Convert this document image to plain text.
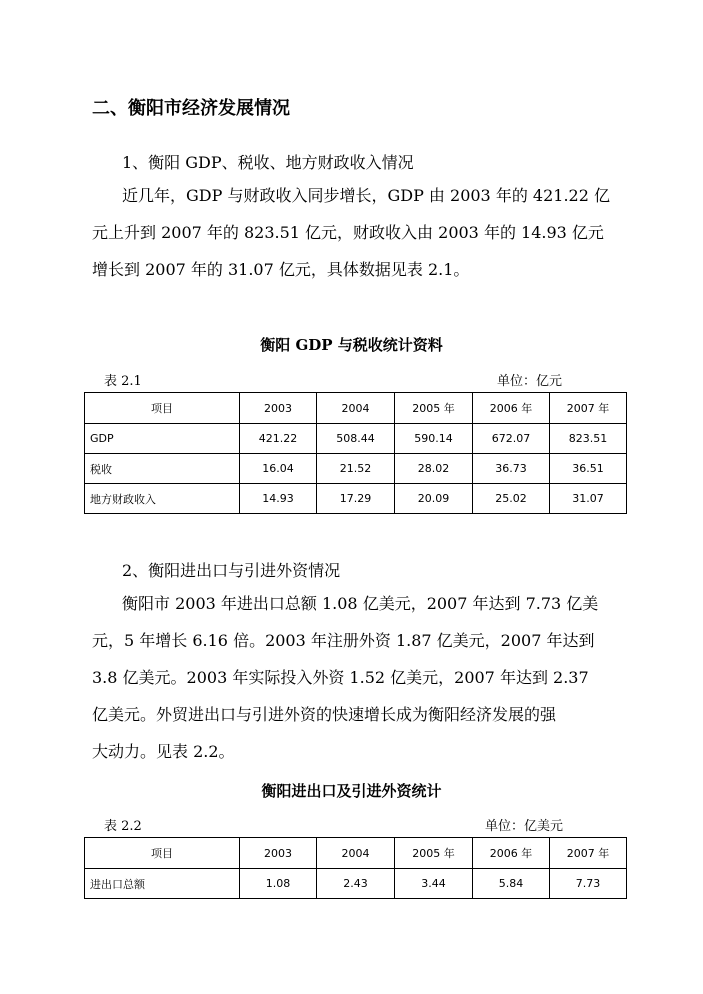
二、衡阳市经济发展情况
1、衡阳 GDP、税收、地方财政收入情况
近几年，GDP 与财政收入同步增长，GDP 由 2003 年的 421.22 亿
元上升到 2007 年的 823.51 亿元，财政收入由 2003 年的 14.93 亿元
增长到 2007 年的 31.07 亿元，具体数据见表 2.1。
衡阳 GDP 与税收统计资料
表 2.1	单位：亿元
项目	2003	2004	2005 年	2006 年	2007 年
GDP	421.22	508.44	590.14	672.07	823.51
税收	16.04	21.52	28.02	36.73	36.51
地方财政收入	14.93	17.29	20.09	25.02	31.07
2、衡阳进出口与引进外资情况
衡阳市 2003 年进出口总额 1.08 亿美元，2007 年达到 7.73 亿美
元，5 年增长 6.16 倍。2003 年注册外资 1.87 亿美元，2007 年达到
3.8 亿美元。2003 年实际投入外资 1.52 亿美元，2007 年达到 2.37
亿美元。外贸进出口与引进外资的快速增长成为衡阳经济发展的强
大动力。见表 2.2。
衡阳进出口及引进外资统计
表 2.2	单位：亿美元
项目	2003	2004	2005 年	2006 年	2007 年
进出口总额	1.08	2.43	3.44	5.84	7.73
